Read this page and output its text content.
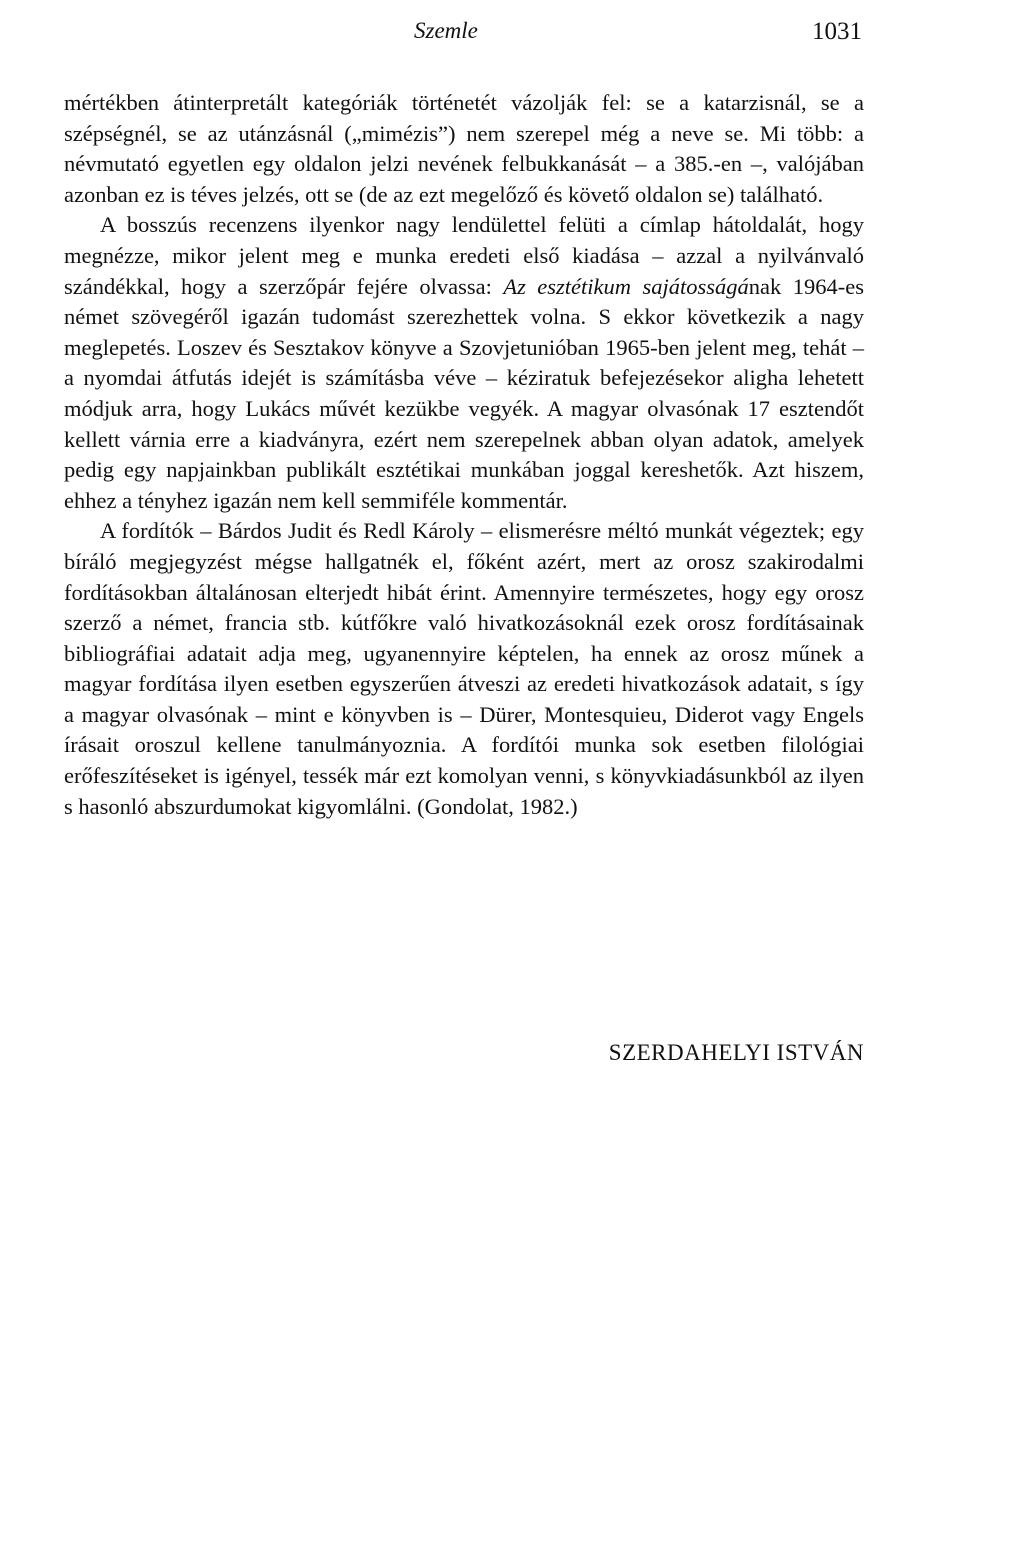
Szemle	1031

mértékben átinterpretált kategóriák történetét vázolják fel: se a katarzisnál, se a szépségnél, se az utánzásnál („mimézis”) nem szerepel még a neve se. Mi több: a névmutató egyetlen egy oldalon jelzi nevének felbukkanását – a 385.-en –, valójában azonban ez is téves jelzés, ott se (de az ezt megelőző és követő oldalon se) található.

A bosszús recenzens ilyenkor nagy lendülettel felüti a címlap hátoldalát, hogy megnézze, mikor jelent meg e munka eredeti első kiadása – azzal a nyilvánvaló szándékkal, hogy a szerzőpár fejére olvassa: Az esztétikum sajátosságának 1964-es német szövegéről igazán tudomást szerezhettek volna. S ekkor következik a nagy meglepetés. Loszev és Sesztakov könyve a Szovjetunióban 1965-ben jelent meg, tehát – a nyomdai átfutás idejét is számításba véve – kéziratuk befejezésekor aligha lehetett módjuk arra, hogy Lukács művét kezükbe vegyék. A magyar olvasónak 17 esztendőt kellett várnia erre a kiadványra, ezért nem szerepelnek abban olyan adatok, amelyek pedig egy napjainkban publikált esztétikai munkában joggal kereshetők. Azt hiszem, ehhez a tényhez igazán nem kell semmiféle kommentár.

A fordítók – Bárdos Judit és Redl Károly – elismerésre méltó munkát végeztek; egy bíráló megjegyzést mégse hallgatnék el, főként azért, mert az orosz szakirodalmi fordításokban általánosan elterjedt hibát érint. Amennyire természetes, hogy egy orosz szerző a német, francia stb. kútfőkre való hivatkozásoknál ezek orosz fordításainak bibliográfiai adatait adja meg, ugyanennyire képtelen, ha ennek az orosz műnek a magyar fordítása ilyen esetben egyszerűen átveszi az eredeti hivatkozások adatait, s így a magyar olvasónak – mint e könyvben is – Dürer, Montesquieu, Diderot vagy Engels írásait oroszul kellene tanulmányoznia. A fordítói munka sok esetben filológiai erőfeszítéseket is igényel, tessék már ezt komolyan venni, s könyvkiadásunkból az ilyen s hasonló abszurdumokat kigyomlálni. (Gondolat, 1982.)

SZERDAHELYI ISTVÁN
